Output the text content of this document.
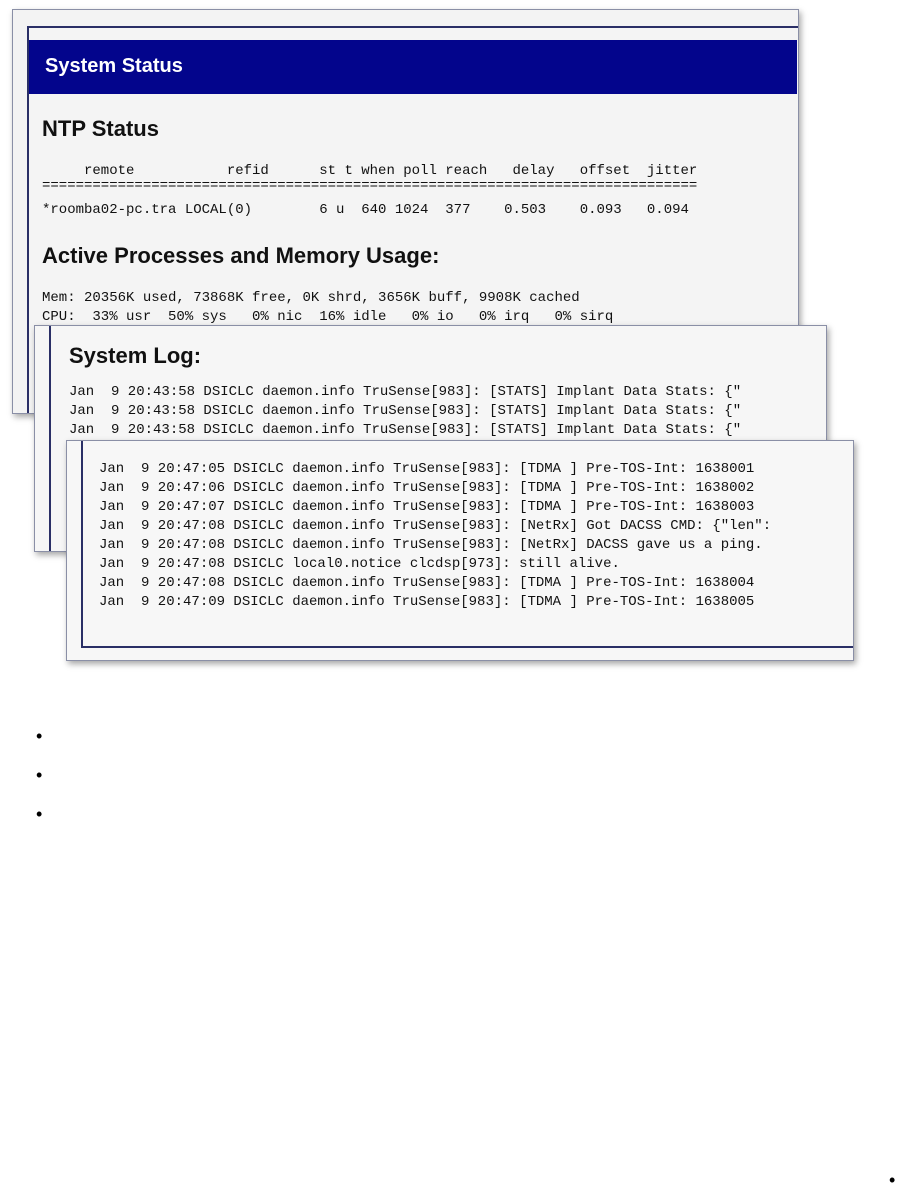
System Status
NTP Status
remote           refid      st t when poll reach   delay   offset  jitter
==============================================================================
*roomba02-pc.tra LOCAL(0)        6 u  640 1024  377    0.503    0.093   0.094
Active Processes and Memory Usage:
Mem: 20356K used, 73868K free, 0K shrd, 3656K buff, 9908K cached
CPU:  33% usr  50% sys   0% nic  16% idle   0% io   0% irq   0% sirq
System Log:
Jan  9 20:43:58 DSICLC daemon.info TruSense[983]: [STATS] Implant Data Stats: {"
Jan  9 20:43:58 DSICLC daemon.info TruSense[983]: [STATS] Implant Data Stats: {"
Jan  9 20:43:58 DSICLC daemon.info TruSense[983]: [STATS] Implant Data Stats: {"
Jan  9 20:47:05 DSICLC daemon.info TruSense[983]: [TDMA ] Pre-TOS-Int: 1638001
Jan  9 20:47:06 DSICLC daemon.info TruSense[983]: [TDMA ] Pre-TOS-Int: 1638002
Jan  9 20:47:07 DSICLC daemon.info TruSense[983]: [TDMA ] Pre-TOS-Int: 1638003
Jan  9 20:47:08 DSICLC daemon.info TruSense[983]: [NetRx] Got DACSS CMD: {"len":
Jan  9 20:47:08 DSICLC daemon.info TruSense[983]: [NetRx] DACSS gave us a ping.
Jan  9 20:47:08 DSICLC local0.notice clcdsp[973]: still alive.
Jan  9 20:47:08 DSICLC daemon.info TruSense[983]: [TDMA ] Pre-TOS-Int: 1638004
Jan  9 20:47:09 DSICLC daemon.info TruSense[983]: [TDMA ] Pre-TOS-Int: 1638005
•
•
•
•
